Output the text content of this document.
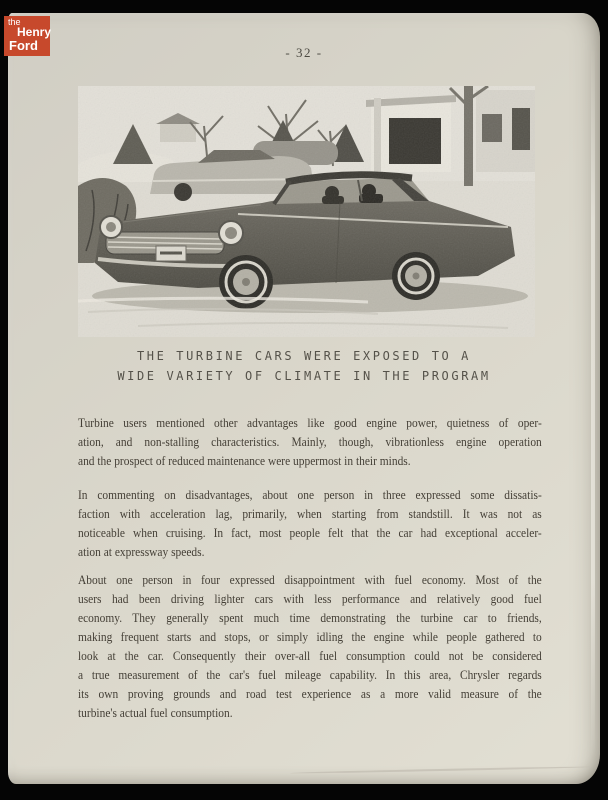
- 32 -
THE TURBINE CARS WERE EXPOSED TO A
WIDE VARIETY OF CLIMATE IN THE PROGRAM
Turbine users mentioned other advantages like good engine power, quietness of oper-
ation, and non-stalling characteristics. Mainly, though, vibrationless engine operation
and the prospect of reduced maintenance were uppermost in their minds.
In commenting on disadvantages, about one person in three expressed some dissatis-
faction with acceleration lag, primarily, when starting from standstill. It was not as
noticeable when cruising. In fact, most people felt that the car had exceptional acceler-
ation at expressway speeds.
About one person in four expressed disappointment with fuel economy. Most of the
users had been driving lighter cars with less performance and relatively good fuel
economy. They generally spent much time demonstrating the turbine car to friends,
making frequent starts and stops, or simply idling the engine while people gathered to
look at the car. Consequently their over-all fuel consumption could not be considered
a true measurement of the car's fuel mileage capability. In this area, Chrysler regards
its own proving grounds and road test experience as a more valid measure of the
turbine's actual fuel consumption.
the
Henry
Ford
